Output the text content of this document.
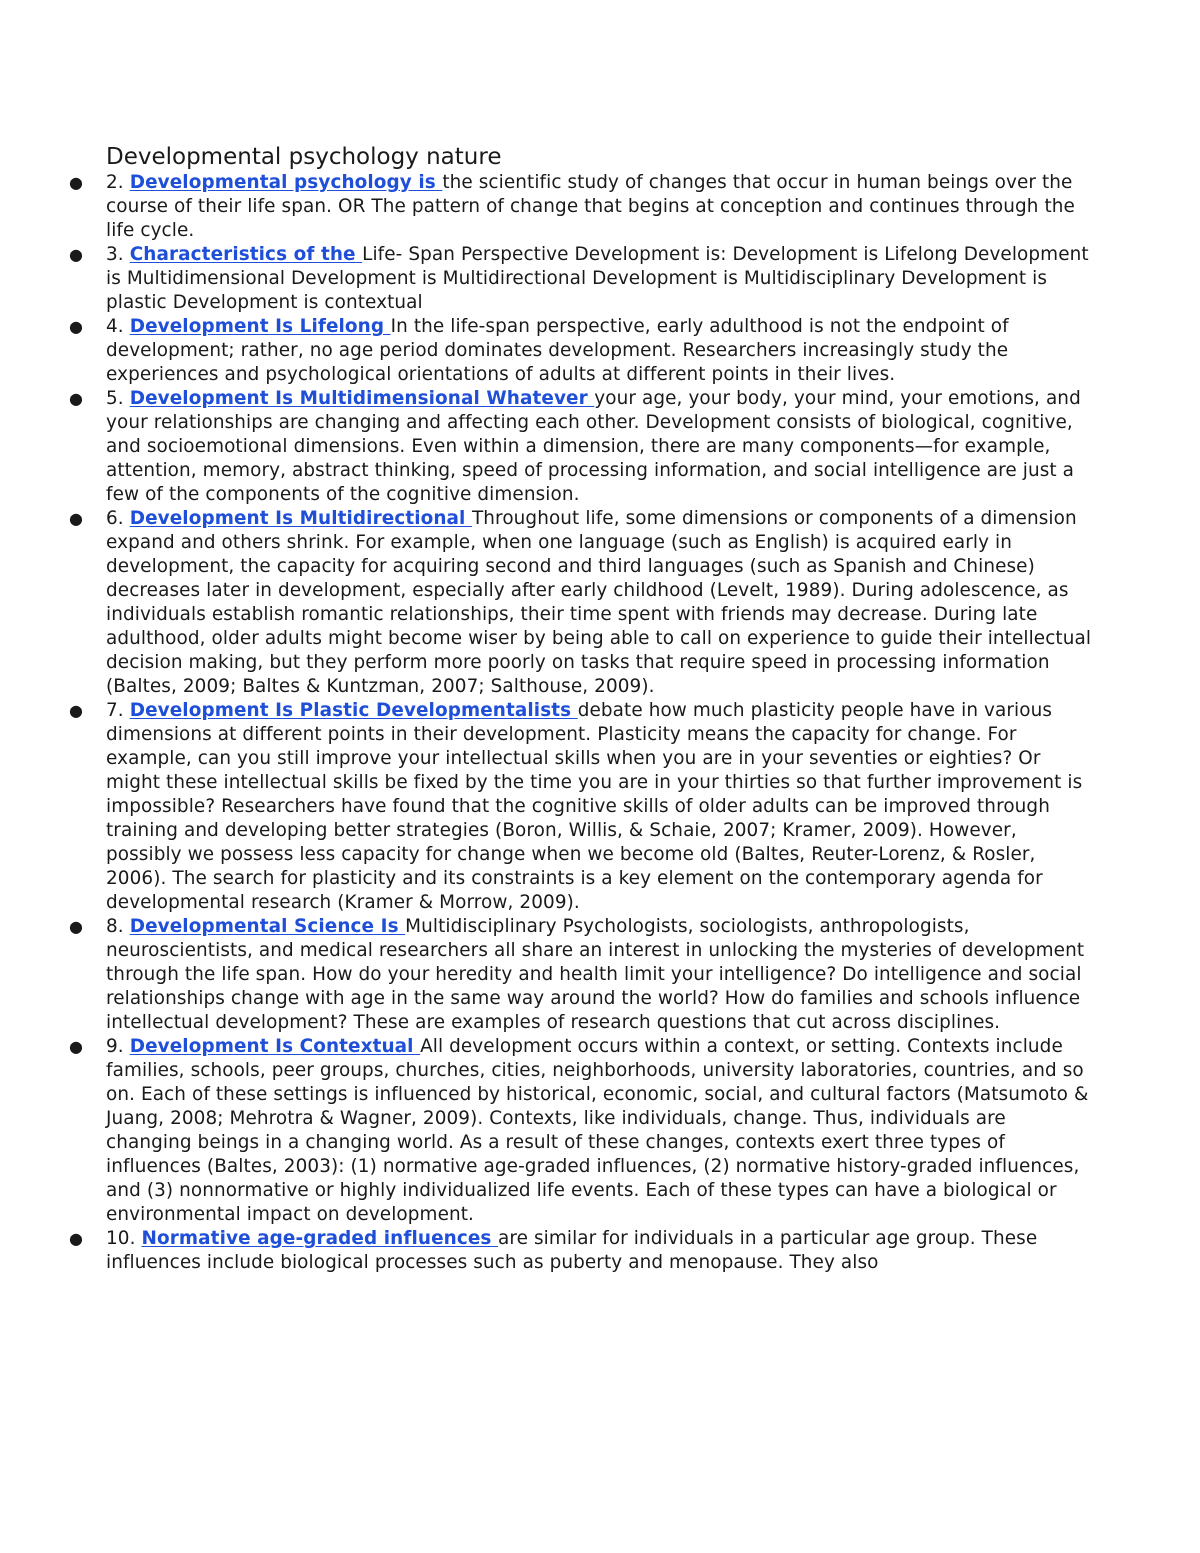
Developmental psychology nature
● 2. Developmental psychology is the scientific study of changes that occur in human beings over the course of their life span. OR The pattern of change that begins at conception and continues through the life cycle.
● 3. Characteristics of the Life- Span Perspective Development is: Development is Lifelong Development is Multidimensional Development is Multidirectional Development is Multidisciplinary Development is plastic Development is contextual
● 4. Development Is Lifelong In the life-span perspective, early adulthood is not the endpoint of development; rather, no age period dominates development. Researchers increasingly study the experiences and psychological orientations of adults at different points in their lives.
● 5. Development Is Multidimensional Whatever your age, your body, your mind, your emotions, and your relationships are changing and affecting each other. Development consists of biological, cognitive, and socioemotional dimensions. Even within a dimension, there are many components—for example, attention, memory, abstract thinking, speed of processing information, and social intelligence are just a few of the components of the cognitive dimension.
● 6. Development Is Multidirectional Throughout life, some dimensions or components of a dimension expand and others shrink. For example, when one language (such as English) is acquired early in development, the capacity for acquiring second and third languages (such as Spanish and Chinese) decreases later in development, especially after early childhood (Levelt, 1989). During adolescence, as individuals establish romantic relationships, their time spent with friends may decrease. During late adulthood, older adults might become wiser by being able to call on experience to guide their intellectual decision making, but they perform more poorly on tasks that require speed in processing information (Baltes, 2009; Baltes & Kuntzman, 2007; Salthouse, 2009).
● 7. Development Is Plastic Developmentalists debate how much plasticity people have in various dimensions at different points in their development. Plasticity means the capacity for change. For example, can you still improve your intellectual skills when you are in your seventies or eighties? Or might these intellectual skills be fixed by the time you are in your thirties so that further improvement is impossible? Researchers have found that the cognitive skills of older adults can be improved through training and developing better strategies (Boron, Willis, & Schaie, 2007; Kramer, 2009). However, possibly we possess less capacity for change when we become old (Baltes, Reuter-Lorenz, & Rosler, 2006). The search for plasticity and its constraints is a key element on the contemporary agenda for developmental research (Kramer & Morrow, 2009).
● 8. Developmental Science Is Multidisciplinary Psychologists, sociologists, anthropologists, neuroscientists, and medical researchers all share an interest in unlocking the mysteries of development through the life span. How do your heredity and health limit your intelligence? Do intelligence and social relationships change with age in the same way around the world? How do families and schools influence intellectual development? These are examples of research questions that cut across disciplines.
● 9. Development Is Contextual All development occurs within a context, or setting. Contexts include families, schools, peer groups, churches, cities, neighborhoods, university laboratories, countries, and so on. Each of these settings is influenced by historical, economic, social, and cultural factors (Matsumoto & Juang, 2008; Mehrotra & Wagner, 2009). Contexts, like individuals, change. Thus, individuals are changing beings in a changing world. As a result of these changes, contexts exert three types of influences (Baltes, 2003): (1) normative age-graded influences, (2) normative history-graded influences, and (3) nonnormative or highly individualized life events. Each of these types can have a biological or environmental impact on development.
● 10. Normative age-graded influences are similar for individuals in a particular age group. These influences include biological processes such as puberty and menopause. They also
